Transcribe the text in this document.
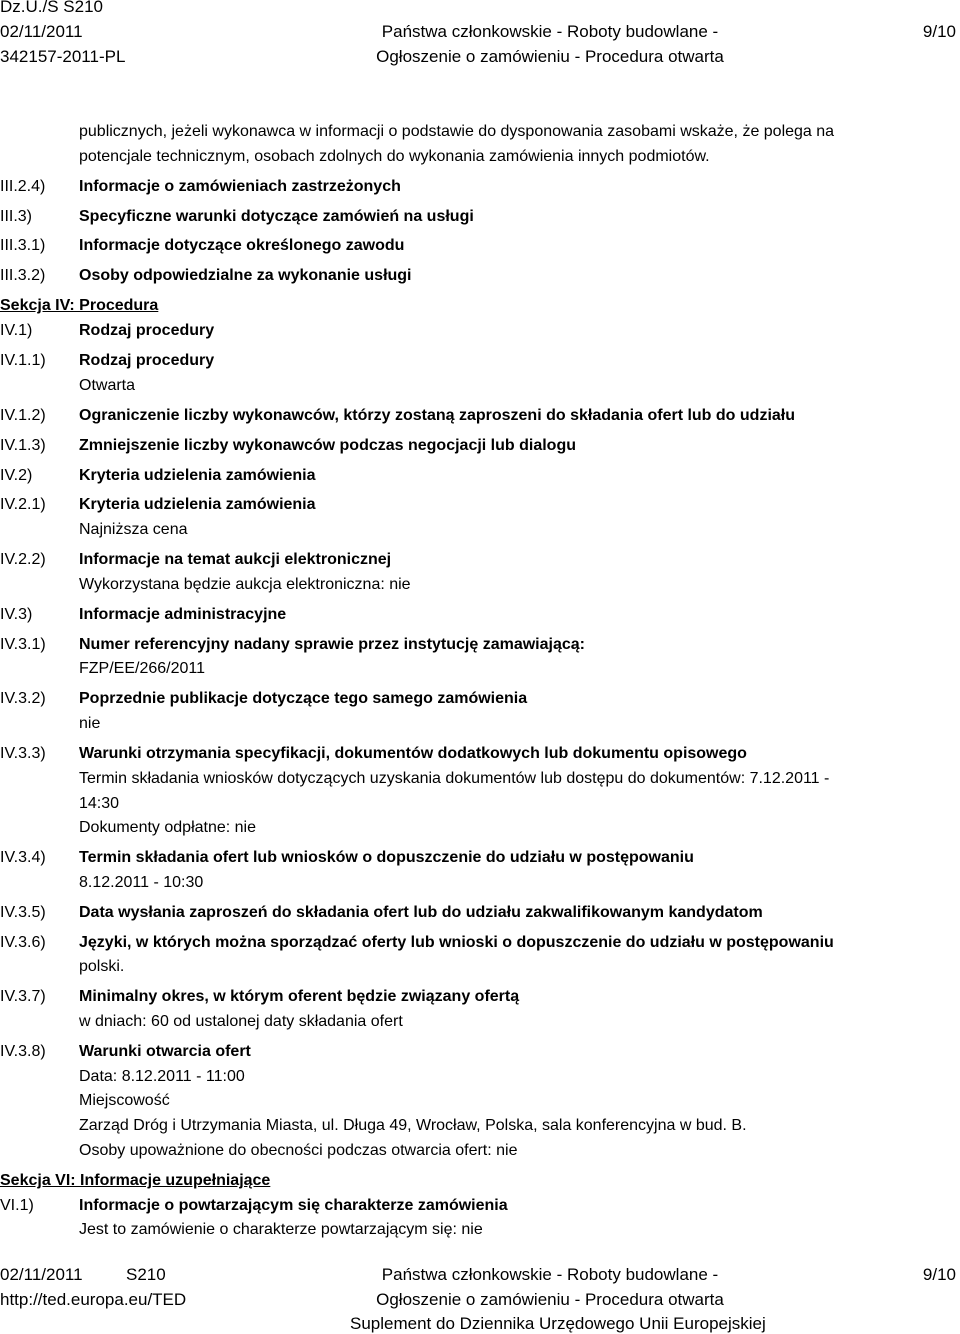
Dz.U./S S210
02/11/2011
342157-2011-PL
Państwa członkowskie - Roboty budowlane -
Ogłoszenie o zamówieniu - Procedura otwarta
9/10
publicznych, jeżeli wykonawca w informacji o podstawie do dysponowania zasobami wskaże, że polega na
potencjale technicznym, osobach zdolnych do wykonania zamówienia innych podmiotów.
III.2.4) Informacje o zamówieniach zastrzeżonych
III.3)	Specyficzne warunki dotyczące zamówień na usługi
III.3.1) Informacje dotyczące określonego zawodu
III.3.2) Osoby odpowiedzialne za wykonanie usługi
Sekcja IV: Procedura
IV.1)	Rodzaj procedury
IV.1.1) Rodzaj procedury
Otwarta
IV.1.2) Ograniczenie liczby wykonawców, którzy zostaną zaproszeni do składania ofert lub do udziału
IV.1.3) Zmniejszenie liczby wykonawców podczas negocjacji lub dialogu
IV.2)	Kryteria udzielenia zamówienia
IV.2.1) Kryteria udzielenia zamówienia
Najniższa cena
IV.2.2) Informacje na temat aukcji elektronicznej
Wykorzystana będzie aukcja elektroniczna: nie
IV.3)	Informacje administracyjne
IV.3.1) Numer referencyjny nadany sprawie przez instytucję zamawiającą:
FZP/EE/266/2011
IV.3.2) Poprzednie publikacje dotyczące tego samego zamówienia
nie
IV.3.3) Warunki otrzymania specyfikacji, dokumentów dodatkowych lub dokumentu opisowego
Termin składania wniosków dotyczących uzyskania dokumentów lub dostępu do dokumentów: 7.12.2011 -
14:30
Dokumenty odpłatne: nie
IV.3.4) Termin składania ofert lub wniosków o dopuszczenie do udziału w postępowaniu
8.12.2011 - 10:30
IV.3.5) Data wysłania zaproszeń do składania ofert lub do udziału zakwalifikowanym kandydatom
IV.3.6) Języki, w których można sporządzać oferty lub wnioski o dopuszczenie do udziału w postępowaniu
polski.
IV.3.7) Minimalny okres, w którym oferent będzie związany ofertą
w dniach: 60 od ustalonej daty składania ofert
IV.3.8) Warunki otwarcia ofert
Data: 8.12.2011 - 11:00
Miejscowość
Zarząd Dróg i Utrzymania Miasta, ul. Długa 49, Wrocław, Polska, sala konferencyjna w bud. B.
Osoby upoważnione do obecności podczas otwarcia ofert: nie
Sekcja VI: Informacje uzupełniające
VI.1)	Informacje o powtarzającym się charakterze zamówienia
Jest to zamówienie o charakterze powtarzającym się: nie
02/11/2011	S210
http://ted.europa.eu/TED
Państwa członkowskie - Roboty budowlane -
Ogłoszenie o zamówieniu - Procedura otwarta
Suplement do Dziennika Urzędowego Unii Europejskiej
9/10
